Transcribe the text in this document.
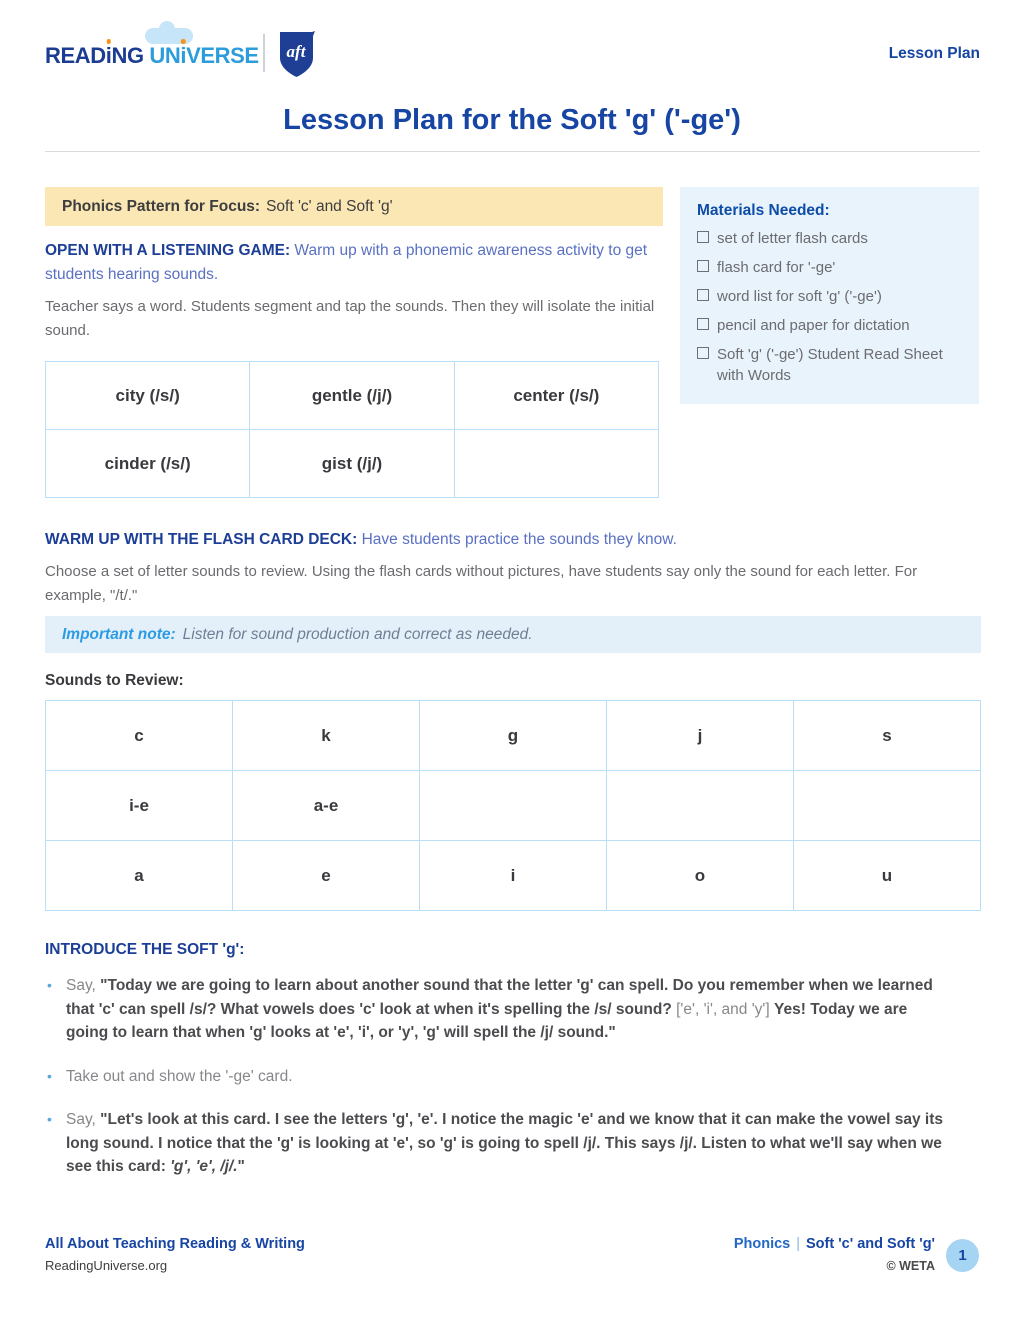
READiNG UNiVERSE aft	Lesson Plan
Lesson Plan for the Soft 'g' ('-ge')
Phonics Pattern for Focus: Soft 'c' and Soft 'g'	Materials Needed:
set of letter flash cards
flash card for '-ge'
word list for soft 'g' ('-ge')
pencil and paper for dictation
Soft 'g' ('-ge') Student Read Sheet with Words

OPEN WITH A LISTENING GAME: Warm up with a phonemic awareness activity to get students hearing sounds.

Teacher says a word. Students segment and tap the sounds. Then they will isolate the initial sound.

city (/s/)	gentle (/j/)	center (/s/)
cinder (/s/)	gist (/j/)	

WARM UP WITH THE FLASH CARD DECK: Have students practice the sounds they know.

Choose a set of letter sounds to review. Using the flash cards without pictures, have students say only the sound for each letter. For example, "/t/."

Important note: Listen for sound production and correct as needed.
Sounds to Review:
c	k	g	j	s
i-e	a-e			
a	e	i	o	u
INTRODUCE THE SOFT 'g':
• Say, "Today we are going to learn about another sound that the letter 'g' can spell. Do you remember when we learned that 'c' can spell /s/? What vowels does 'c' look at when it's spelling the /s/ sound? ['e', 'i', and 'y'] Yes! Today we are going to learn that when 'g' looks at 'e', 'i', or 'y', 'g' will spell the /j/ sound."
• Take out and show the '-ge' card.
• Say, "Let's look at this card. I see the letters 'g', 'e'. I notice the magic 'e' and we know that it can make the vowel say its long sound. I notice that the 'g' is looking at 'e', so 'g' is going to spell /j/. This says /j/. Listen to what we'll say when we see this card: 'g', 'e', /j/."
All About Teaching Reading & Writing
ReadingUniverse.org
Phonics | Soft 'c' and Soft 'g'
© WETA
1
